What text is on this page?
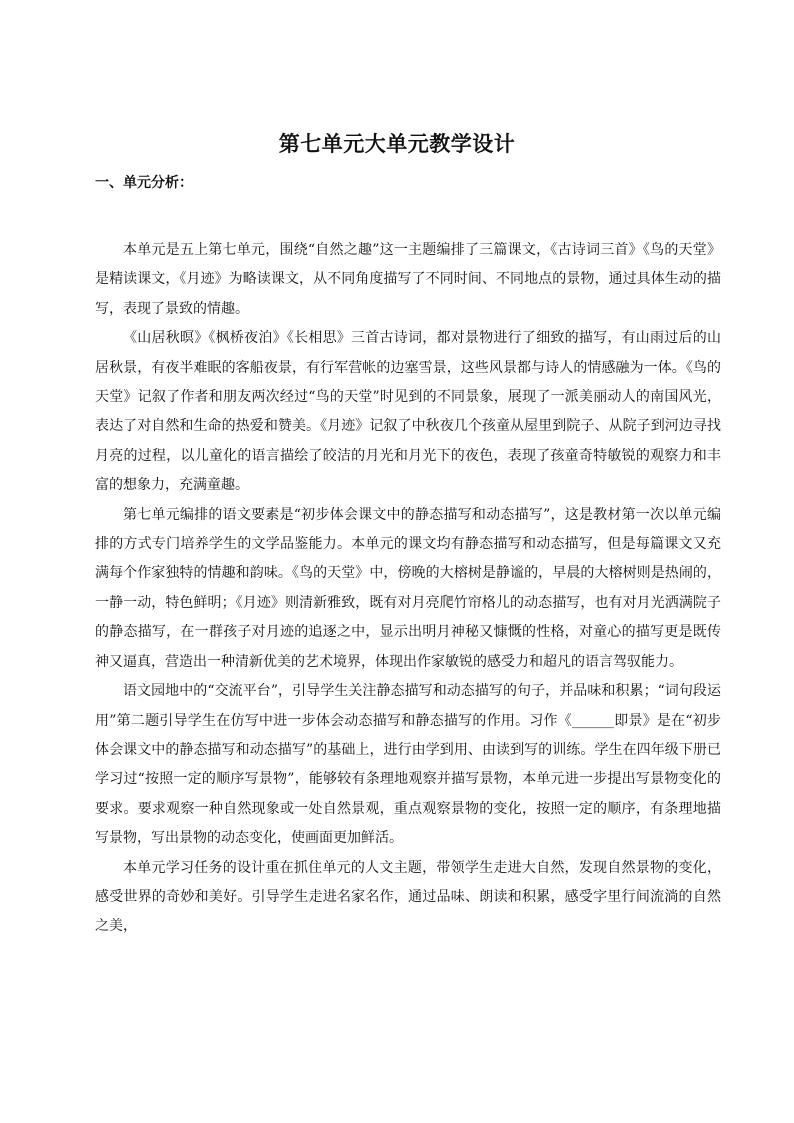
第七单元大单元教学设计
一、单元分析：

本单元是五上第七单元，围绕“自然之趣”这一主题编排了三篇课文，《古诗词三首》《鸟的天堂》是精读课文，《月迹》为略读课文，从不同角度描写了不同时间、不同地点的景物，通过具体生动的描写，表现了景致的情趣。

《山居秋暝》《枫桥夜泊》《长相思》三首古诗词，都对景物进行了细致的描写，有山雨过后的山居秋景，有夜半难眠的客船夜景，有行军营帐的边塞雪景，这些风景都与诗人的情感融为一体。《鸟的天堂》记叙了作者和朋友两次经过“鸟的天堂”时见到的不同景象，展现了一派美丽动人的南国风光，表达了对自然和生命的热爱和赞美。《月迹》记叙了中秋夜几个孩童从屋里到院子、从院子到河边寻找月亮的过程，以儿童化的语言描绘了皎洁的月光和月光下的夜色，表现了孩童奇特敏锐的观察力和丰富的想象力，充满童趣。

第七单元编排的语文要素是“初步体会课文中的静态描写和动态描写”，这是教材第一次以单元编排的方式专门培养学生的文学品鉴能力。本单元的课文均有静态描写和动态描写，但是每篇课文又充满每个作家独特的情趣和韵味。《鸟的天堂》中，傍晚的大榕树是静谧的，早晨的大榕树则是热闹的，一静一动，特色鲜明；《月迹》则清新雅致，既有对月亮爬竹帘格儿的动态描写，也有对月光洒满院子的静态描写，在一群孩子对月迹的追逐之中，显示出明月神秘又慷慨的性格，对童心的描写更是既传神又逼真，营造出一种清新优美的艺术境界，体现出作家敏锐的感受力和超凡的语言驾驭能力。

语文园地中的“交流平台”，引导学生关注静态描写和动态描写的句子，并品味和积累；“词句段运用”第二题引导学生在仿写中进一步体会动态描写和静态描写的作用。习作《______即景》是在“初步体会课文中的静态描写和动态描写”的基础上，进行由学到用、由读到写的训练。学生在四年级下册已学习过“按照一定的顺序写景物”，能够较有条理地观察并描写景物，本单元进一步提出写景物变化的要求。要求观察一种自然现象或一处自然景观，重点观察景物的变化，按照一定的顺序，有条理地描写景物，写出景物的动态变化，使画面更加鲜活。

本单元学习任务的设计重在抓住单元的人文主题，带领学生走进大自然，发现自然景物的变化，感受世界的奇妙和美好。引导学生走进名家名作，通过品味、朗读和积累，感受字里行间流淌的自然之美，
